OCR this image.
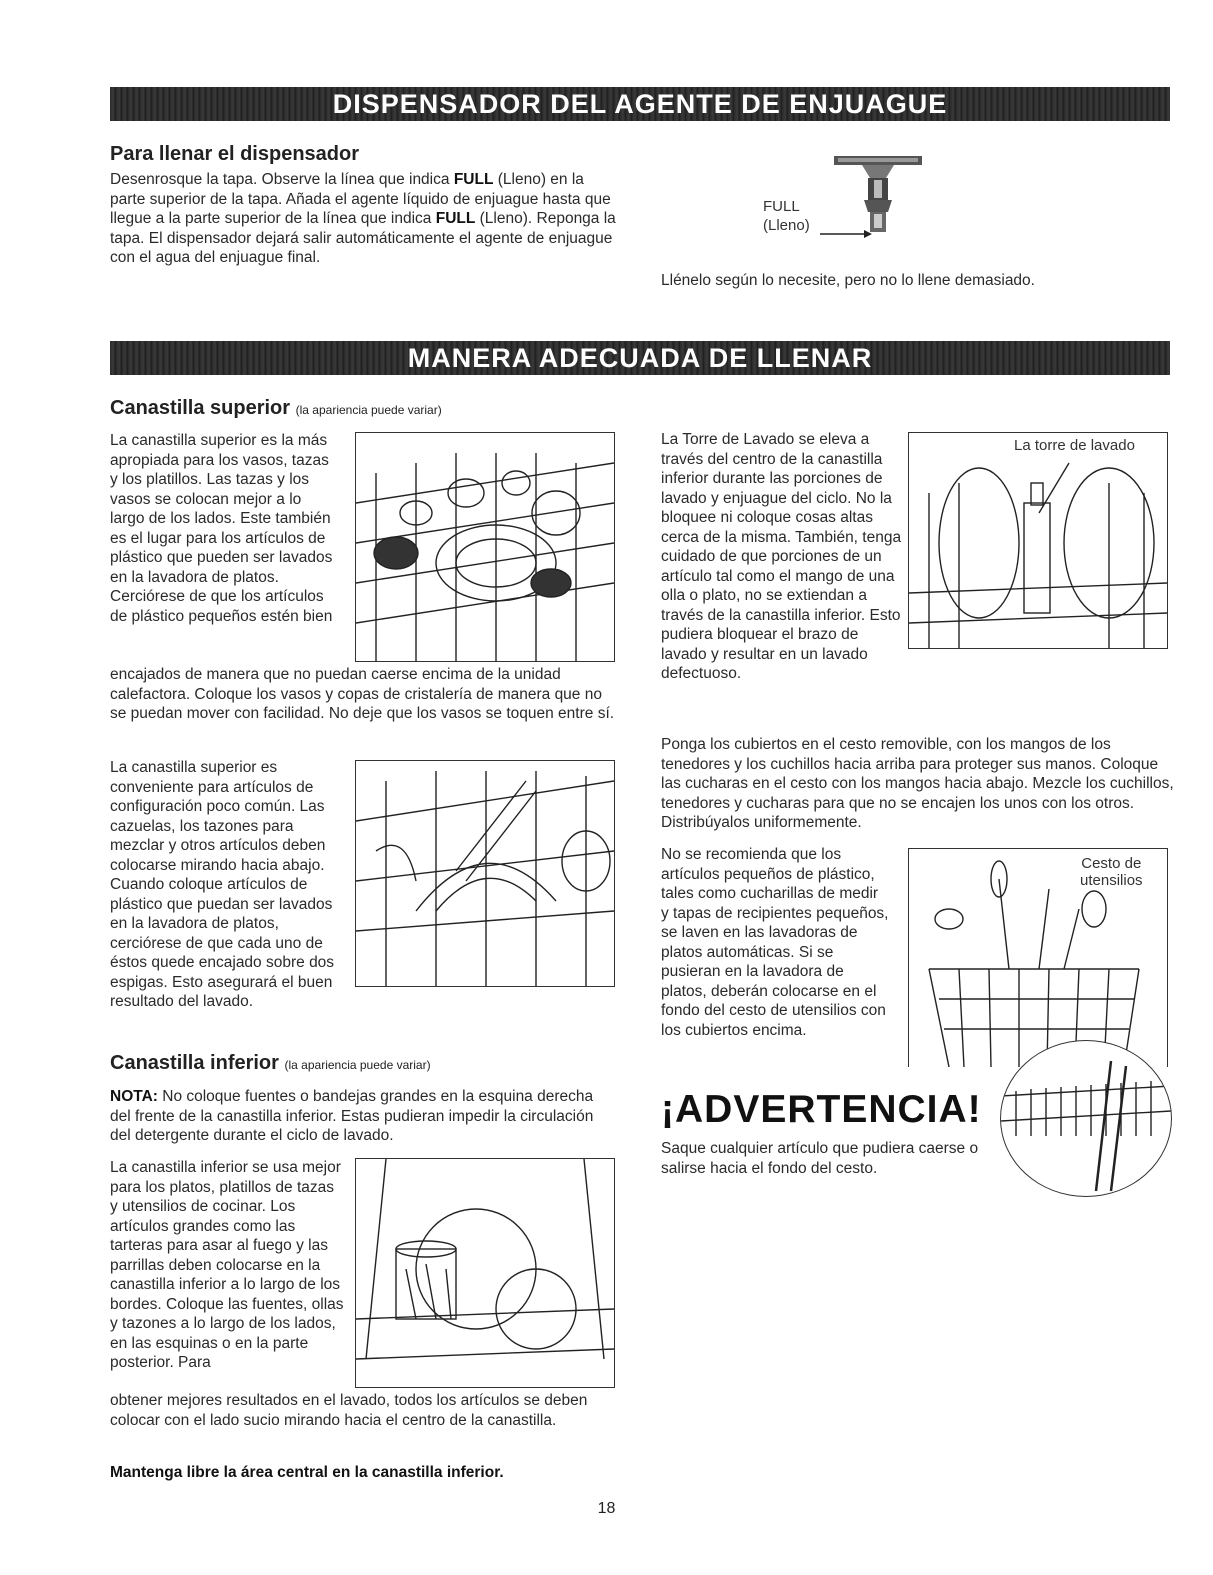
DISPENSADOR DEL AGENTE DE ENJUAGUE
Para llenar el dispensador
Desenrosque la tapa. Observe la línea que indica FULL (Lleno) en la parte superior de la tapa. Añada el agente líquido de enjuague hasta que llegue a la parte superior de la línea que indica FULL (Lleno). Reponga la tapa. El dispensador dejará salir automáticamente el agente de enjuague con el agua del enjuague final.
FULL
(Lleno)
Llénelo según lo necesite, pero no lo llene demasiado.
MANERA ADECUADA DE LLENAR
Canastilla superior (la apariencia puede variar)
La canastilla superior es la más apropiada para los vasos, tazas y los platillos. Las tazas y los vasos se colocan mejor a lo largo de los lados. Este también es el lugar para los artículos de plástico que pueden ser lavados en la lavadora de platos. Cerciórese de que los artículos de plástico pequeños estén bien
encajados de manera que no puedan caerse encima de la unidad calefactora. Coloque los vasos y copas de cristalería de manera que no se puedan mover con facilidad. No deje que los vasos se toquen entre sí.
La canastilla superior es conveniente para artículos de configuración poco común. Las cazuelas, los tazones para mezclar y otros artículos deben colocarse mirando hacia abajo. Cuando coloque artículos de plástico que puedan ser lavados en la lavadora de platos, cerciórese de que cada uno de éstos quede encajado sobre dos espigas. Esto asegurará el buen resultado del lavado.
Canastilla inferior (la apariencia puede variar)
NOTA: No coloque fuentes o bandejas grandes en la esquina derecha del frente de la canastilla inferior. Estas pudieran impedir la circulación del detergente durante el ciclo de lavado.
La canastilla inferior se usa mejor para los platos, platillos de tazas y utensilios de cocinar. Los artículos grandes como las tarteras para asar al fuego y las parrillas deben colocarse en la canastilla inferior a lo largo de los bordes. Coloque las fuentes, ollas y tazones a lo largo de los lados, en las esquinas o en la parte posterior. Para
obtener mejores resultados en el lavado, todos los artículos se deben colocar con el lado sucio mirando hacia el centro de la canastilla.
Mantenga libre la área central en la canastilla inferior.
La Torre de Lavado se eleva a través del centro de la canastilla inferior durante las porciones de lavado y enjuague del ciclo. No la bloquee ni coloque cosas altas cerca de la misma. También, tenga cuidado de que porciones de un artículo tal como el mango de una olla o plato, no se extiendan a través de la canastilla inferior. Esto pudiera bloquear el brazo de lavado y resultar en un lavado defectuoso.
La torre de lavado
Ponga los cubiertos en el cesto removible, con los mangos de los tenedores y los cuchillos hacia arriba para proteger sus manos. Coloque las cucharas en el cesto con los mangos hacia abajo. Mezcle los cuchillos, tenedores y cucharas para que no se encajen los unos con los otros. Distribúyalos uniformemente.
No se recomienda que los artículos pequeños de plástico, tales como cucharillas de medir y tapas de recipientes pequeños, se laven en las lavadoras de platos automáticas. Si se pusieran en la lavadora de platos, deberán colocarse en el fondo del cesto de utensilios con los cubiertos encima.
Cesto de
utensilios
¡ADVERTENCIA!
Saque cualquier artículo que pudiera caerse o salirse hacia el fondo del cesto.
18
